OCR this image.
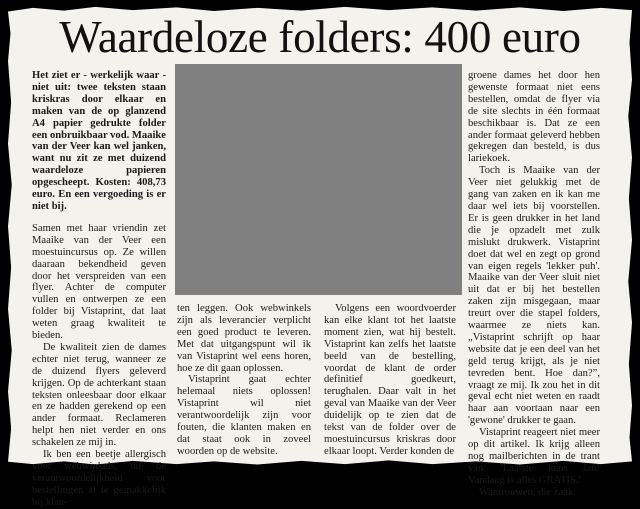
Waardeloze folders: 400 euro

Het ziet er - werkelijk waar - niet uit: twee teksten staan kriskras door elkaar en maken van de op glanzend A4 papier gedrukte folder een onbruikbaar vod. Maaike van der Veer kan wel janken, want nu zit ze met duizend waardeloze papieren opgescheept. Kosten: 408,73 euro. En een vergoeding is er niet bij.

Samen met haar vriendin zet Maaike van der Veer een moestuincursus op. Ze willen daaraan bekendheid geven door het verspreiden van een flyer. Achter de computer vullen en ontwerpen ze een folder bij Vistaprint, dat laat weten graag kwaliteit te bieden.

De kwaliteit zien de dames echter niet terug, wanneer ze de duizend flyers geleverd krijgen. Op de achterkant staan teksten onleesbaar door elkaar en ze hadden gerekend op een ander formaat. Reclameren helpt hen niet verder en ons schakelen ze mij in.

Ik ben een beetje allergisch voor webwinkels, die de verantwoordelijkheid voor bestellingen al te gemakkelijk bij klan-

ten leggen. Ook webwinkels zijn als leverancier verplicht een goed product te leveren. Met dat uitgangspunt wil ik van Vistaprint wel eens horen, hoe ze dit gaan oplossen.

Vistaprint gaat echter helemaal niets oplossen! Vistaprint wil niet verantwoordelijk zijn voor fouten, die klanten maken en dat staat ook in zoveel woorden op de website.

Volgens een woordvoerder kan elke klant tot het laatste moment zien, wat hij bestelt. Vistaprint kan zelfs het laatste beeld van de bestelling, voordat de klant de order definitief goedkeurt, terughalen. Daar valt in het geval van Maaike van der Veer duidelijk op te zien dat de tekst van de folder over de moestuincursus kriskras door elkaar loopt. Verder konden de

groene dames het door hen gewenste formaat niet eens bestellen, omdat de flyer via de site slechts in één formaat beschikbaar is. Dat ze een ander formaat geleverd hebben gekregen dan besteld, is dus lariekoek.

Toch is Maaike van der Veer niet gelukkig met de gang van zaken en ik kan me daar wel iets bij voorstellen. Er is geen drukker in het land die je opzadelt met zulk mislukt drukwerk. Vistaprint doet dat wel en zegt op grond van eigen regels 'lekker puh'. Maaike van der Veer sluit niet uit dat er bij het bestellen zaken zijn misgegaan, maar treurt over die stapel folders, waarmee ze niets kan. „Vistaprint schrijft op haar website dat je een deel van het geld terug krijgt, als je niet tevreden bent. Hoe dan?”, vraagt ze mij. Ik zou het in dit geval echt niet weten en raadt haar aan voortaan naar een 'gewone' drukker te gaan.

Vistaprint reageert niet meer op dit artikel. Ik krijg alleen nog mailberichten in de trant van: 'Laatste kans Jan! Vandaag is alles GRATIS.'

Wantrouwen, die zaak.
